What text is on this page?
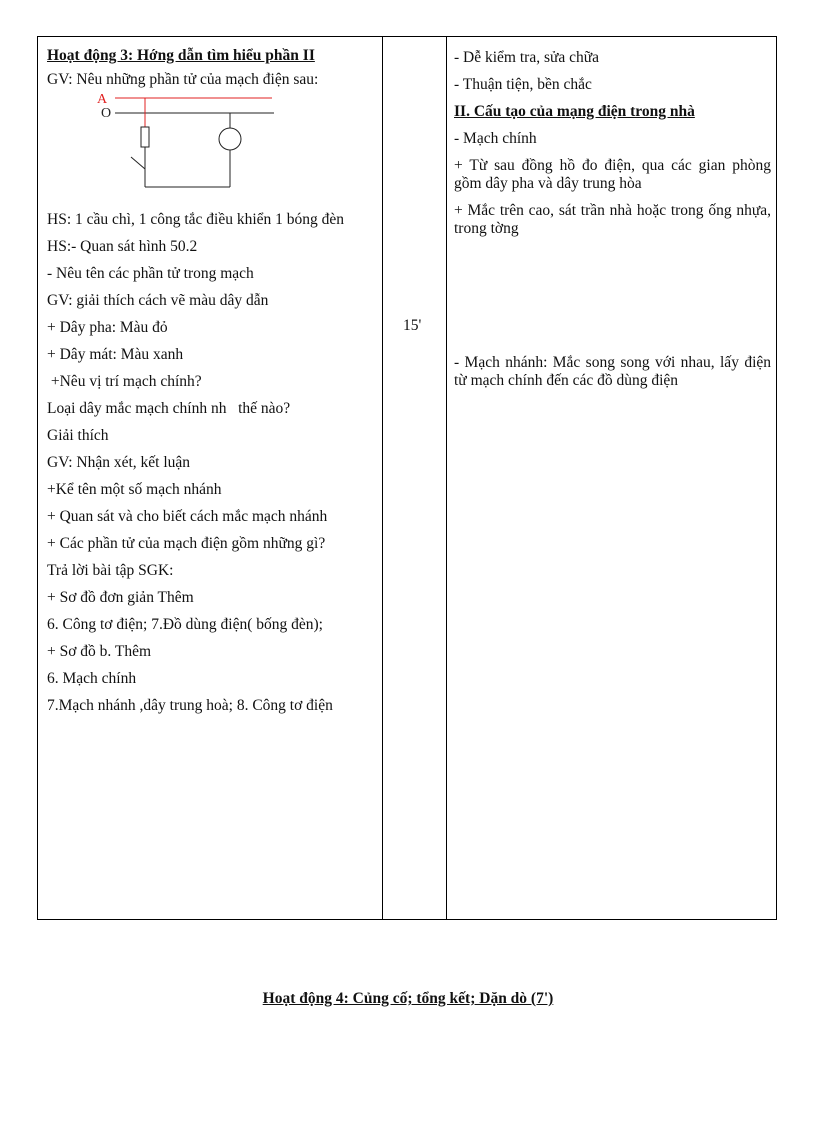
Hoạt động 3: Hớng dẫn tìm hiểu phần II

GV: Nêu những phần tử của mạch điện sau:

A
O

HS: 1 cầu chì, 1 công tắc điều khiển 1 bóng đèn

HS:- Quan sát hình 50.2

- Nêu tên các phần tử trong mạch

GV: giải thích cách vẽ màu dây dẫn

+ Dây pha: Màu đỏ

+ Dây mát: Màu xanh

+Nêu vị trí mạch chính?

Loại dây mắc mạch chính nh   thế nào?

Giải thích

GV: Nhận xét, kết luận

+Kể tên một số mạch nhánh

+ Quan sát và cho biết cách mắc mạch nhánh

+ Các phần tử của mạch điện gồm những gì?

Trả lời bài tập SGK:

+ Sơ đồ đơn giản Thêm

6. Công tơ điện; 7.Đồ dùng điện( bống đèn);

+ Sơ đồ b. Thêm

6. Mạch chính

7.Mạch nhánh ,dây trung hoà; 8. Công tơ điện

15'

- Dễ kiểm tra, sửa chữa

- Thuận tiện, bền chắc

II. Cấu tạo của mạng điện trong nhà

- Mạch chính

+ Từ sau đồng hồ đo điện, qua các gian phòng gồm dây pha và dây trung hòa

+ Mắc trên cao, sát trần nhà hoặc trong ống nhựa, trong tờng

- Mạch nhánh: Mắc song song với nhau, lấy điện từ mạch chính đến các đồ dùng điện

Hoạt động 4: Củng cố; tổng kết; Dặn dò (7')
